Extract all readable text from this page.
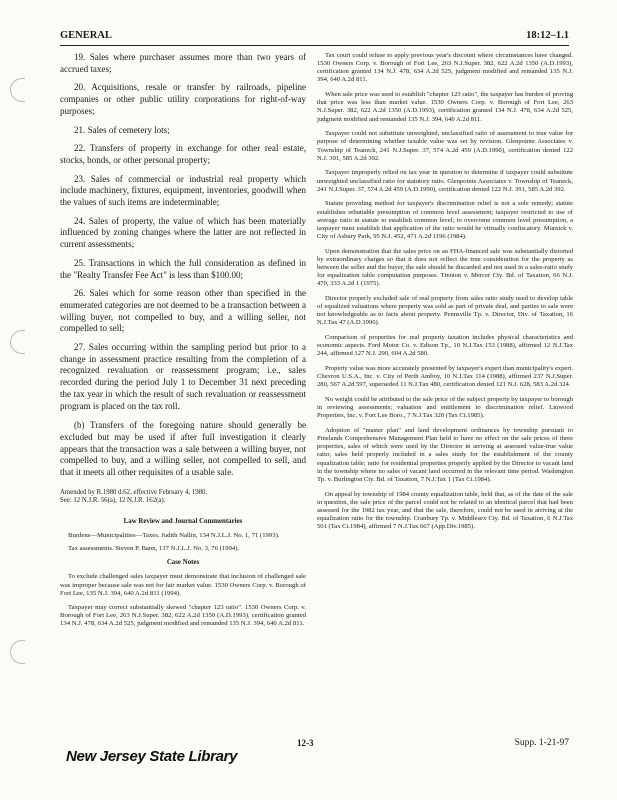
GENERAL	18:12–1.1

19. Sales where purchaser assumes more than two years of accrued taxes;

20. Acquisitions, resale or transfer by railroads, pipeline companies or other public utility corporations for right-of-way purposes;

21. Sales of cemetery lots;

22. Transfers of property in exchange for other real estate, stocks, bonds, or other personal property;

23. Sales of commercial or industrial real property which include machinery, fixtures, equipment, inventories, goodwill when the values of such items are indeterminable;

24. Sales of property, the value of which has been materially influenced by zoning changes where the latter are not reflected in current assessments;

25. Transactions in which the full consideration as defined in the "Realty Transfer Fee Act" is less than $100.00;

26. Sales which for some reason other than specified in the enumerated categories are not deemed to be a transaction between a willing buyer, not compelled to buy, and a willing seller, not compelled to sell;

27. Sales occurring within the sampling period but prior to a change in assessment practice resulting from the completion of a recognized revaluation or reassessment program; i.e., sales recorded during the period July 1 to December 31 next preceding the tax year in which the result of such revaluation or reassessment program is placed on the tax roll.

(b) Transfers of the foregoing nature should generally be excluded but may be used if after full investigation it clearly appears that the transaction was a sale between a willing buyer, not compelled to buy, and a willing seller, not compelled to sell, and that it meets all other requisites of a usable sale.

Amended by R.1980 d.62, effective February 4, 1980.
See: 12 N.J.R. 56(a), 12 N.J.R. 162(a).
Law Review and Journal Commentaries

Burdens—Municipalities—Taxes. Judith Nallin, 134 N.J.L.J. No. 1, 71 (1993).

Tax assessments. Steven P. Bann, 137 N.J.L.J. No. 3, 76 (1994).

Case Notes

To exclude challenged sales taxpayer must demonstrate that inclusion of challenged sale was improper because sale was not for fair market value. 1530 Owners Corp. v. Borough of Fort Lee, 135 N.J. 394, 640 A.2d 811 (1994).

Taxpayer may correct substantially skewed "chapter 123 ratio". 1530 Owners Corp. v. Borough of Fort Lee, 263 N.J.Super. 382, 622 A.2d 1350 (A.D.1993), certification granted 134 N.J. 478, 634 A.2d 525, judgment modified and remanded 135 N.J. 394, 640 A.2d 811.

Tax court could refuse to apply previous year's discount where circumstances have changed. 1530 Owners Corp. v. Borough of Fort Lee, 263 N.J.Super. 382, 622 A.2d 1350 (A.D.1993), certification granted 134 N.J. 478, 634 A.2d 525, judgment modified and remanded 135 N.J. 394, 640 A.2d 811.

When sale price was used to establish "chapter 123 ratio", the taxpayer has burden of proving that price was less than market value. 1530 Owners Corp. v. Borough of Fort Lee, 263 N.J.Super. 382, 622 A.2d 1350 (A.D.1993), certification granted 134 N.J. 478, 634 A.2d 525, judgment modified and remanded 135 N.J. 394, 640 A.2d 811.

Taxpayer could not substitute unweighted, unclassified ratio of assessment to true value for purpose of determining whether taxable value was set by revision. Glenpointe Associates v. Township of Teaneck, 241 N.J.Super. 37, 574 A.2d 459 (A.D.1990), certification denied 122 N.J. 391, 585 A.2d 392.

Taxpayer improperly relied on tax year in question to determine if taxpayer could substitute unweighted unclassified ratio for statutory ratio. Glenpointe Associates v. Township of Teaneck, 241 N.J.Super. 37, 574 A.2d 459 (A.D.1990), certification denied 122 N.J. 391, 585 A.2d 392.

Statute providing method for taxpayer's discrimination relief is not a sole remedy; statute establishes rebuttable presumption of common level assessment; taxpayer restricted to use of average ratio in statute to establish common level; to overcome common level presumption, a taxpayer must establish that application of the ratio would be virtually confiscatory. Murnick v. City of Asbury Park, 95 N.J. 452, 471 A.2d 1196 (1984).

Upon demonstration that the sales price on an FHA-financed sale was substantially distorted by extraordinary charges so that it does not reflect the true consideration for the property as between the seller and the buyer, the sale should be discarded and not used in a sales-ratio study for equalization table computation purposes. Trenton v. Mercer Cty. Bd. of Taxation, 66 N.J. 470, 333 A.2d 1 (1975).

Director properly excluded sale of real property from sales ratio study used to develop table of equalized valuations where property was sold as part of private deal, and parties to sale were not knowledgeable as to facts about property. Pennsville Tp. v. Director, Div. of Taxation, 16 N.J.Tax 47 (A.D.1996).

Comparison of properties for real property taxation includes physical characteristics and economic aspects. Ford Motor Co. v. Edison Tp., 10 N.J.Tax 153 (1988), affirmed 12 N.J.Tax 244, affirmed 127 N.J. 290, 604 A.2d 580.

Property value was more accurately presented by taxpayer's expert than municipality's expert. Chevron U.S.A., Inc. v. City of Perth Amboy, 10 N.J.Tax 114 (1988), affirmed 237 N.J.Super. 280, 567 A.2d 597, superseded 11 N.J.Tax 480, certification denied 121 N.J. 628, 583 A.2d 324.

No weight could be attributed to the sale price of the subject property by taxpayer to borough in reviewing assessments; valuation and entitlement to discrimination relief. Linwood Properties, Inc. v. Fort Lee Boro., 7 N.J.Tax 320 (Tax Ct.1985).

Adoption of "master plan" and land development ordinances by township pursuant to Pinelands Comprehensive Management Plan held to have no effect on the sale prices of three properties, sales of which were used by the Director in arriving at assessed value-true value ratio; sales held properly included in a sales study for the establishment of the county equalization table; ratio for residential properties properly applied by the Director to vacant land in the township where no sales of vacant land occurred in the relevant time period. Washington Tp. v. Burlington Cty. Bd. of Taxation, 7 N.J.Tax 1 (Tax Ct.1984).

On appeal by township of 1984 county equalization table, held that, as of the date of the sale in question, the sale price of the parcel could not be related to an identical parcel that had been assessed for the 1982 tax year, and that the sale, therefore, could not be used in arriving at the equalization ratio for the township. Cranbury Tp. v. Middlesex Cty. Bd. of Taxation, 6 N.J.Tax 501 (Tax Ct.1984), affirmed 7 N.J.Tax 667 (App.Div.1985).

New Jersey State Library
12-3	Supp. 1-21-97
